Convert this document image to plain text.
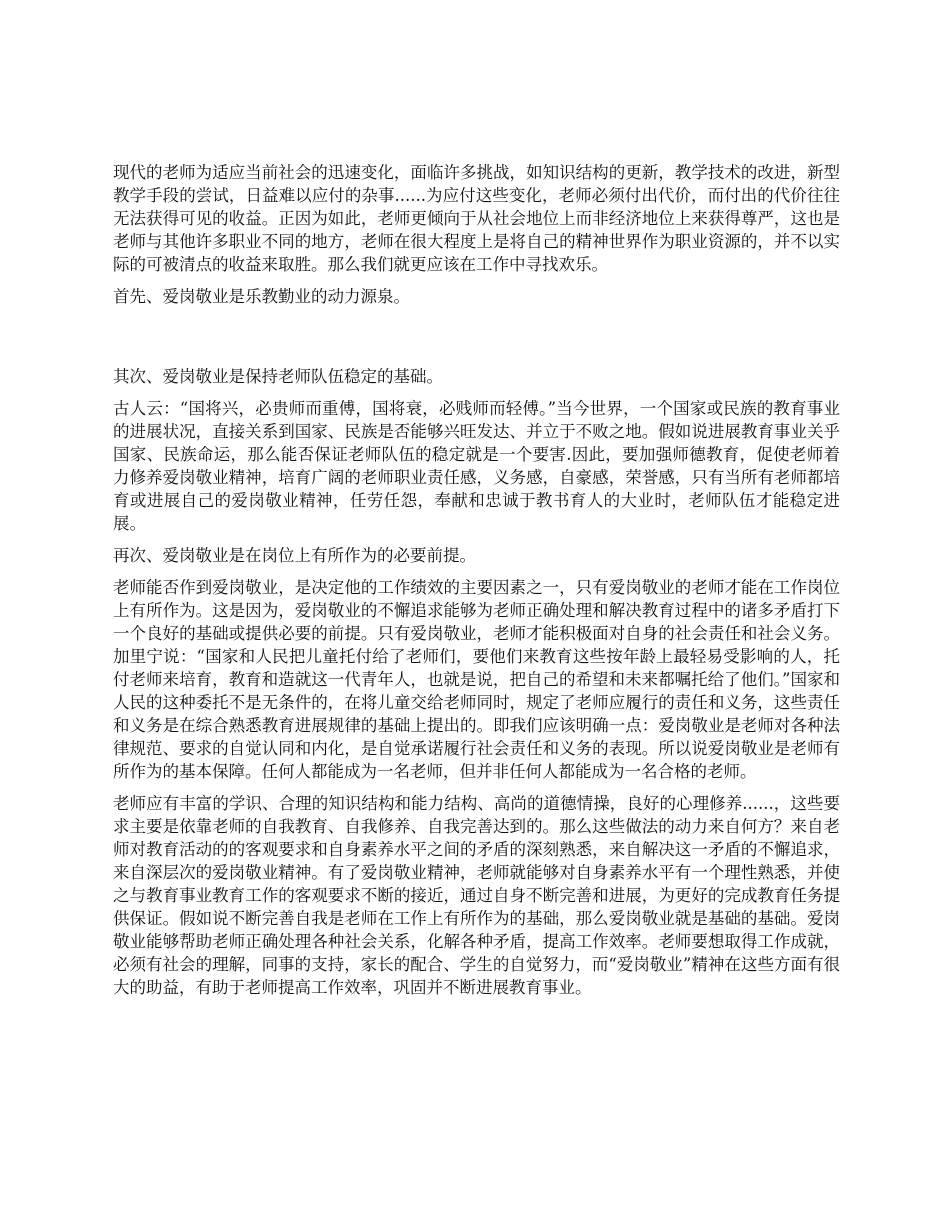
现代的老师为适应当前社会的迅速变化，面临许多挑战，如知识结构的更新，教学技术的改进，新型教学手段的尝试，日益难以应付的杂事......为应付这些变化，老师必须付出代价，而付出的代价往往无法获得可见的收益。正因为如此，老师更倾向于从社会地位上而非经济地位上来获得尊严，这也是老师与其他许多职业不同的地方，老师在很大程度上是将自己的精神世界作为职业资源的，并不以实际的可被清点的收益来取胜。那么我们就更应该在工作中寻找欢乐。

首先、爱岗敬业是乐教勤业的动力源泉。

其次、爱岗敬业是保持老师队伍稳定的基础。

古人云：“国将兴，必贵师而重傅，国将衰，必贱师而轻傅。”当今世界，一个国家或民族的教育事业的进展状况，直接关系到国家、民族是否能够兴旺发达、并立于不败之地。假如说进展教育事业关乎国家、民族命运，那么能否保证老师队伍的稳定就是一个要害.因此，要加强师德教育，促使老师着力修养爱岗敬业精神，培育广阔的老师职业责任感，义务感，自豪感，荣誉感，只有当所有老师都培育或进展自己的爱岗敬业精神，任劳任怨，奉献和忠诚于教书育人的大业时，老师队伍才能稳定进展。

再次、爱岗敬业是在岗位上有所作为的必要前提。

老师能否作到爱岗敬业，是决定他的工作绩效的主要因素之一，只有爱岗敬业的老师才能在工作岗位上有所作为。这是因为，爱岗敬业的不懈追求能够为老师正确处理和解决教育过程中的诸多矛盾打下一个良好的基础或提供必要的前提。只有爱岗敬业，老师才能积极面对自身的社会责任和社会义务。加里宁说：“国家和人民把儿童托付给了老师们，要他们来教育这些按年龄上最轻易受影响的人，托付老师来培育，教育和造就这一代青年人，也就是说，把自己的希望和未来都嘱托给了他们。”国家和人民的这种委托不是无条件的，在将儿童交给老师同时，规定了老师应履行的责任和义务，这些责任和义务是在综合熟悉教育进展规律的基础上提出的。即我们应该明确一点：爱岗敬业是老师对各种法律规范、要求的自觉认同和内化，是自觉承诺履行社会责任和义务的表现。所以说爱岗敬业是老师有所作为的基本保障。任何人都能成为一名老师，但并非任何人都能成为一名合格的老师。

老师应有丰富的学识、合理的知识结构和能力结构、高尚的道德情操，良好的心理修养......，这些要求主要是依靠老师的自我教育、自我修养、自我完善达到的。那么这些做法的动力来自何方？来自老师对教育活动的的客观要求和自身素养水平之间的矛盾的深刻熟悉，来自解决这一矛盾的不懈追求，来自深层次的爱岗敬业精神。有了爱岗敬业精神，老师就能够对自身素养水平有一个理性熟悉，并使之与教育事业教育工作的客观要求不断的接近，通过自身不断完善和进展，为更好的完成教育任务提供保证。假如说不断完善自我是老师在工作上有所作为的基础，那么爱岗敬业就是基础的基础。爱岗敬业能够帮助老师正确处理各种社会关系，化解各种矛盾，提高工作效率。老师要想取得工作成就，必须有社会的理解，同事的支持，家长的配合、学生的自觉努力，而“爱岗敬业”精神在这些方面有很大的助益，有助于老师提高工作效率，巩固并不断进展教育事业。
